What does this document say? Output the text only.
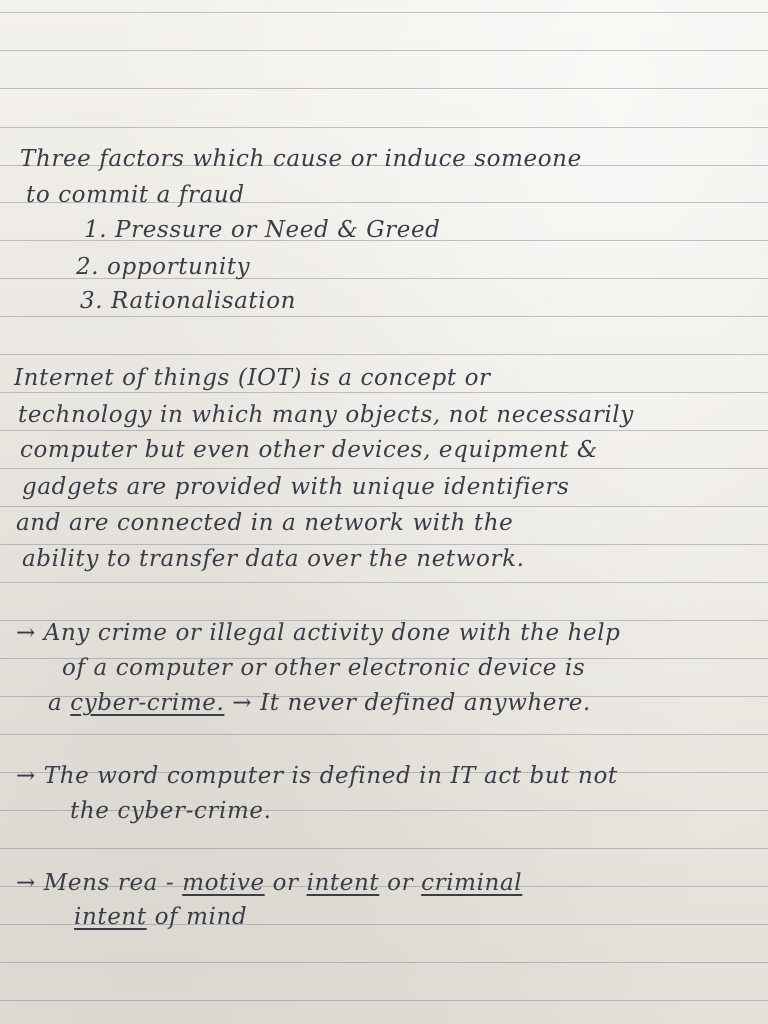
Three factors which cause or induce someone
to commit a fraud
1. Pressure or Need & Greed
2. opportunity
3. Rationalisation
Internet of things (IOT) is a concept or
technology in which many objects, not necessarily
computer but even other devices, equipment &
gadgets are provided with unique identifiers
and are connected in a network with the
ability to transfer data over the network.
→ Any crime or illegal activity done with the help
of a computer or other electronic device is
a cyber-crime. → It never defined anywhere.
→ The word computer is defined in IT act but not
the cyber-crime.
→ Mens rea - motive or intent or criminal
intent of mind
